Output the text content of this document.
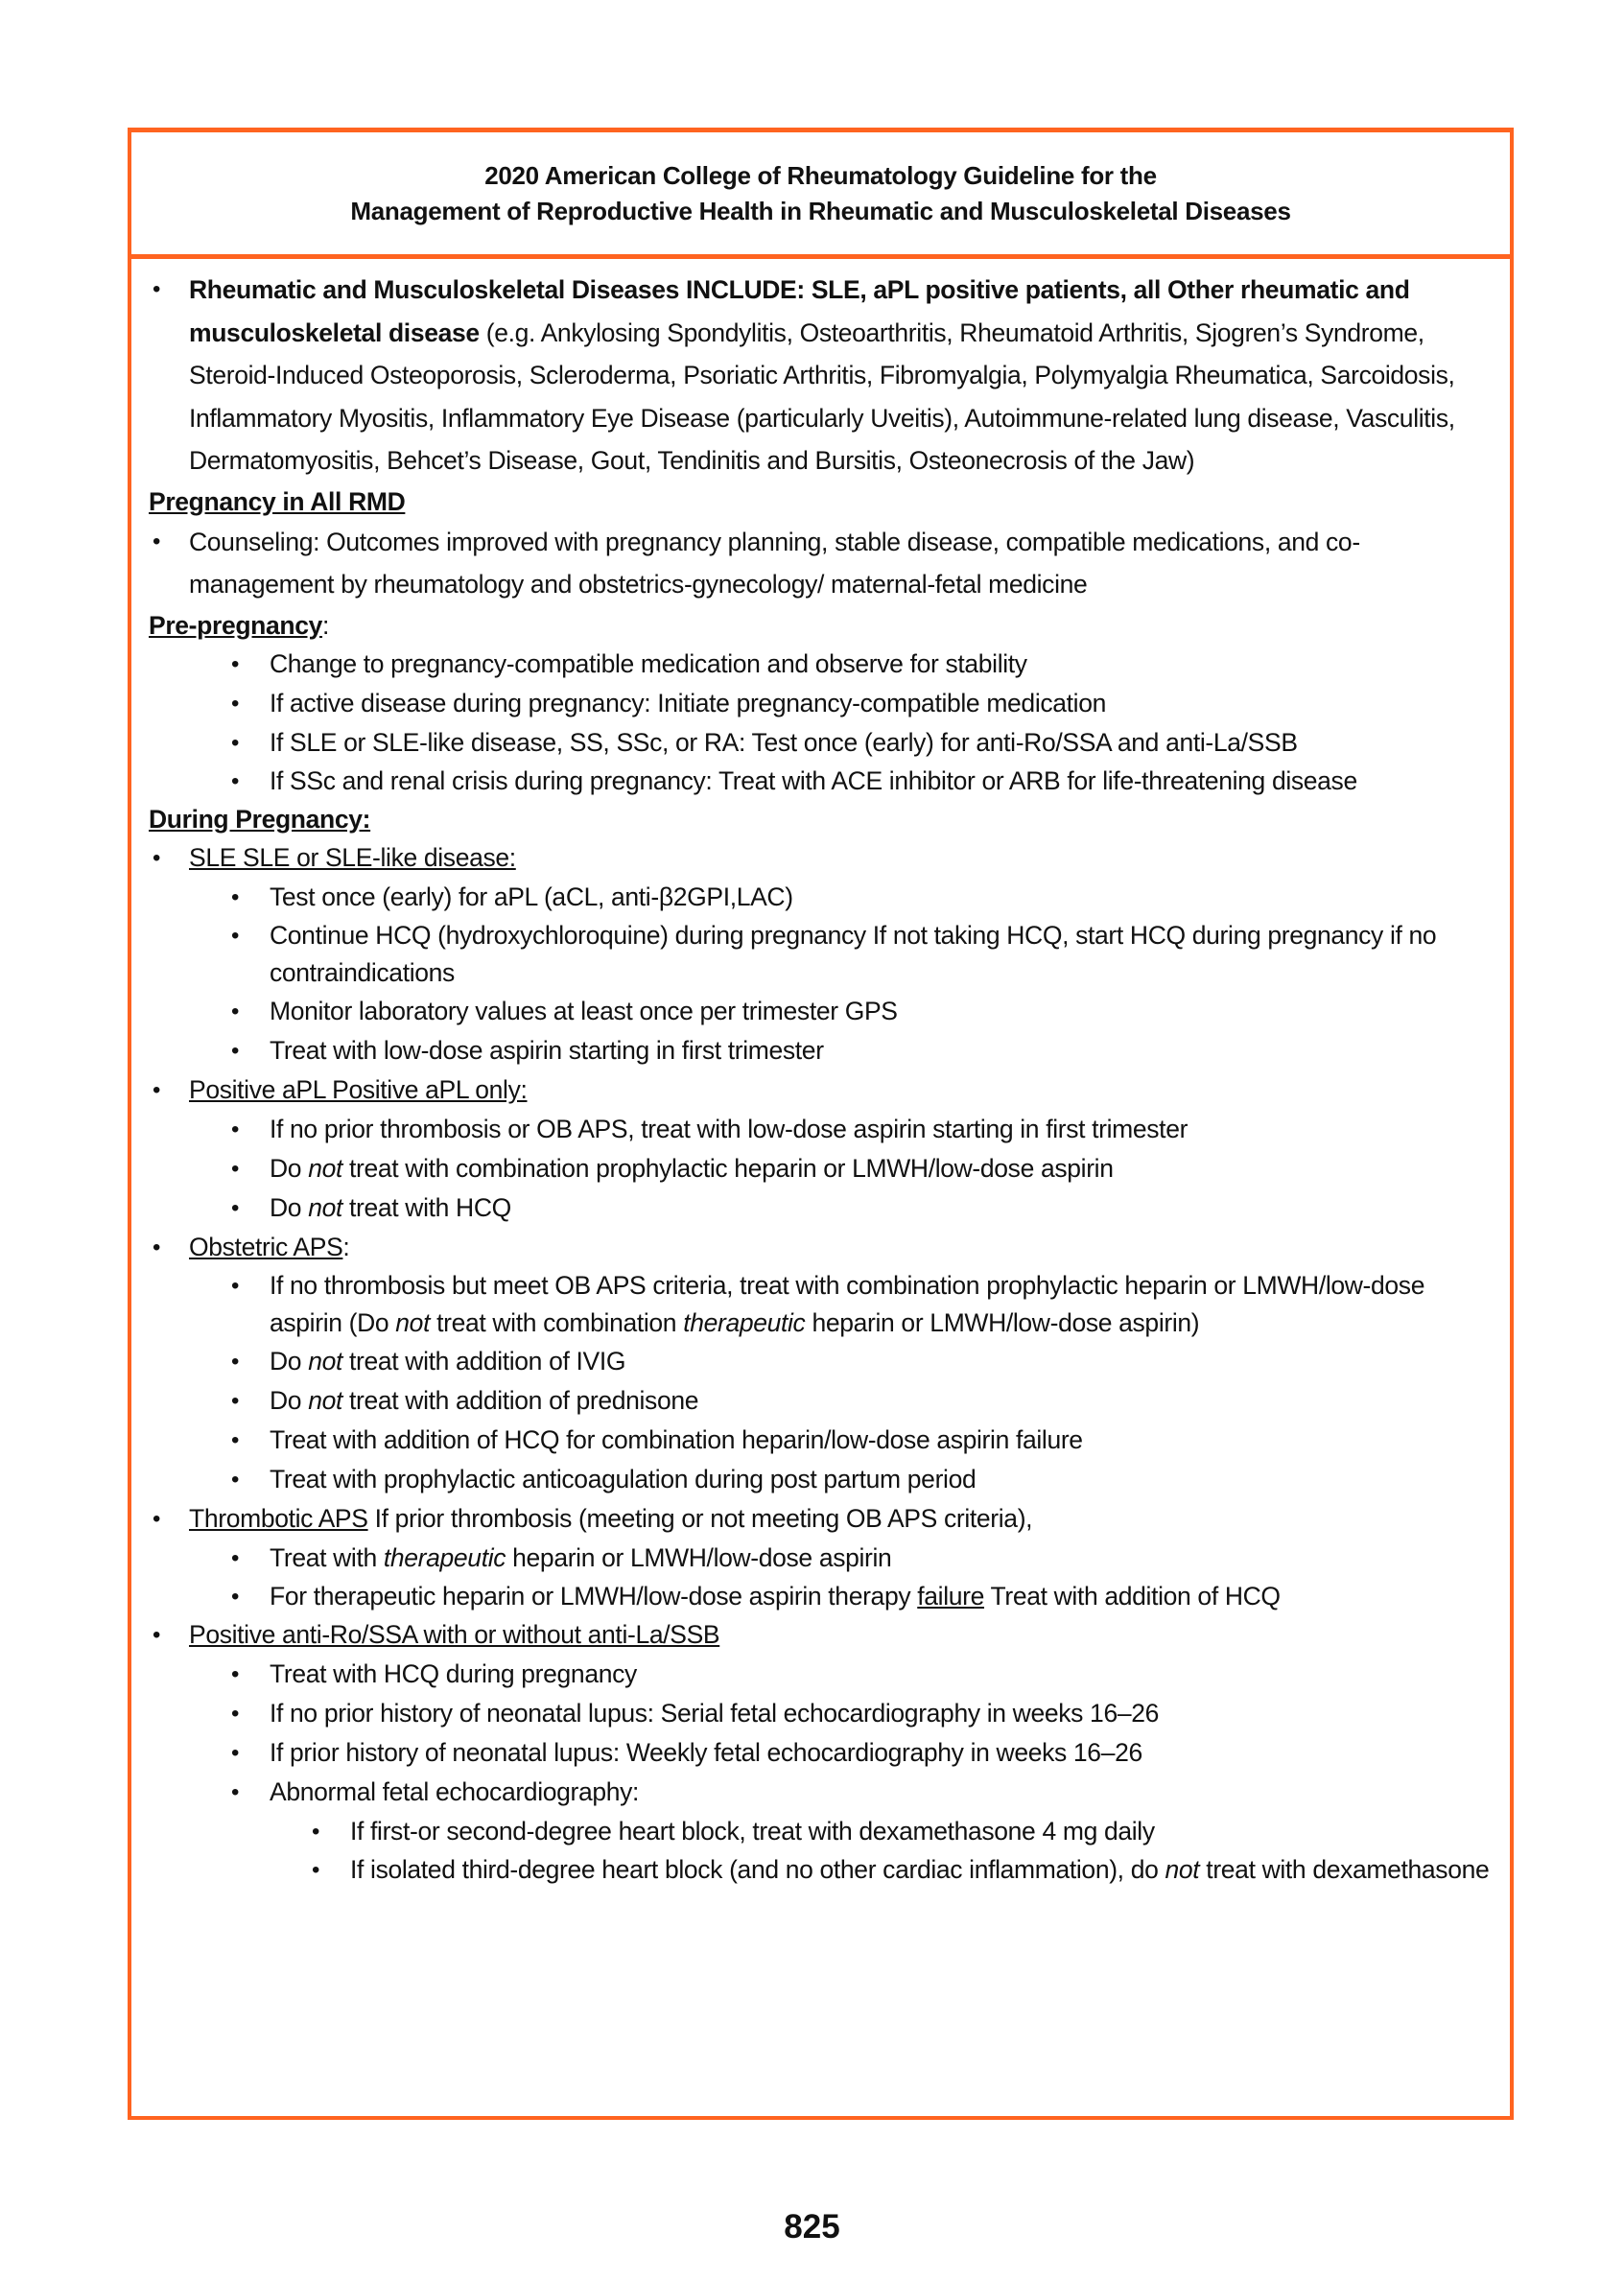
2020 American College of Rheumatology Guideline for the
Management of Reproductive Health in Rheumatic and Musculoskeletal Diseases
• Rheumatic and Musculoskeletal Diseases INCLUDE: SLE, aPL positive patients, all Other rheumatic and musculoskeletal disease (e.g. Ankylosing Spondylitis, Osteoarthritis, Rheumatoid Arthritis, Sjogren’s Syndrome, Steroid-Induced Osteoporosis, Scleroderma, Psoriatic Arthritis, Fibromyalgia, Polymyalgia Rheumatica, Sarcoidosis, Inflammatory Myositis, Inflammatory Eye Disease (particularly Uveitis), Autoimmune-related lung disease, Vasculitis, Dermatomyositis, Behcet’s Disease, Gout, Tendinitis and Bursitis, Osteonecrosis of the Jaw)
Pregnancy in All RMD
• Counseling: Outcomes improved with pregnancy planning, stable disease, compatible medications, and co-management by rheumatology and obstetrics-gynecology/ maternal-fetal medicine
Pre-pregnancy:
• Change to pregnancy-compatible medication and observe for stability
• If active disease during pregnancy: Initiate pregnancy-compatible medication
• If SLE or SLE-like disease, SS, SSc, or RA: Test once (early) for anti-Ro/SSA and anti-La/SSB
• If SSc and renal crisis during pregnancy: Treat with ACE inhibitor or ARB for life-threatening disease
During Pregnancy:
• SLE SLE or SLE-like disease:
• Test once (early) for aPL (aCL, anti-β2GPI,LAC)
• Continue HCQ (hydroxychloroquine) during pregnancy If not taking HCQ, start HCQ during pregnancy if no contraindications
• Monitor laboratory values at least once per trimester GPS
• Treat with low-dose aspirin starting in first trimester
• Positive aPL Positive aPL only:
• If no prior thrombosis or OB APS, treat with low-dose aspirin starting in first trimester
• Do not treat with combination prophylactic heparin or LMWH/low-dose aspirin
• Do not treat with HCQ
• Obstetric APS:
• If no thrombosis but meet OB APS criteria, treat with combination prophylactic heparin or LMWH/low-dose aspirin (Do not treat with combination therapeutic heparin or LMWH/low-dose aspirin)
• Do not treat with addition of IVIG
• Do not treat with addition of prednisone
• Treat with addition of HCQ for combination heparin/low-dose aspirin failure
• Treat with prophylactic anticoagulation during post partum period
• Thrombotic APS If prior thrombosis (meeting or not meeting OB APS criteria),
• Treat with therapeutic heparin or LMWH/low-dose aspirin
• For therapeutic heparin or LMWH/low-dose aspirin therapy failure Treat with addition of HCQ
• Positive anti-Ro/SSA with or without anti-La/SSB
• Treat with HCQ during pregnancy
• If no prior history of neonatal lupus: Serial fetal echocardiography in weeks 16–26
• If prior history of neonatal lupus: Weekly fetal echocardiography in weeks 16–26
• Abnormal fetal echocardiography:
• If first-or second-degree heart block, treat with dexamethasone 4 mg daily
• If isolated third-degree heart block (and no other cardiac inflammation), do not treat with dexamethasone
825
